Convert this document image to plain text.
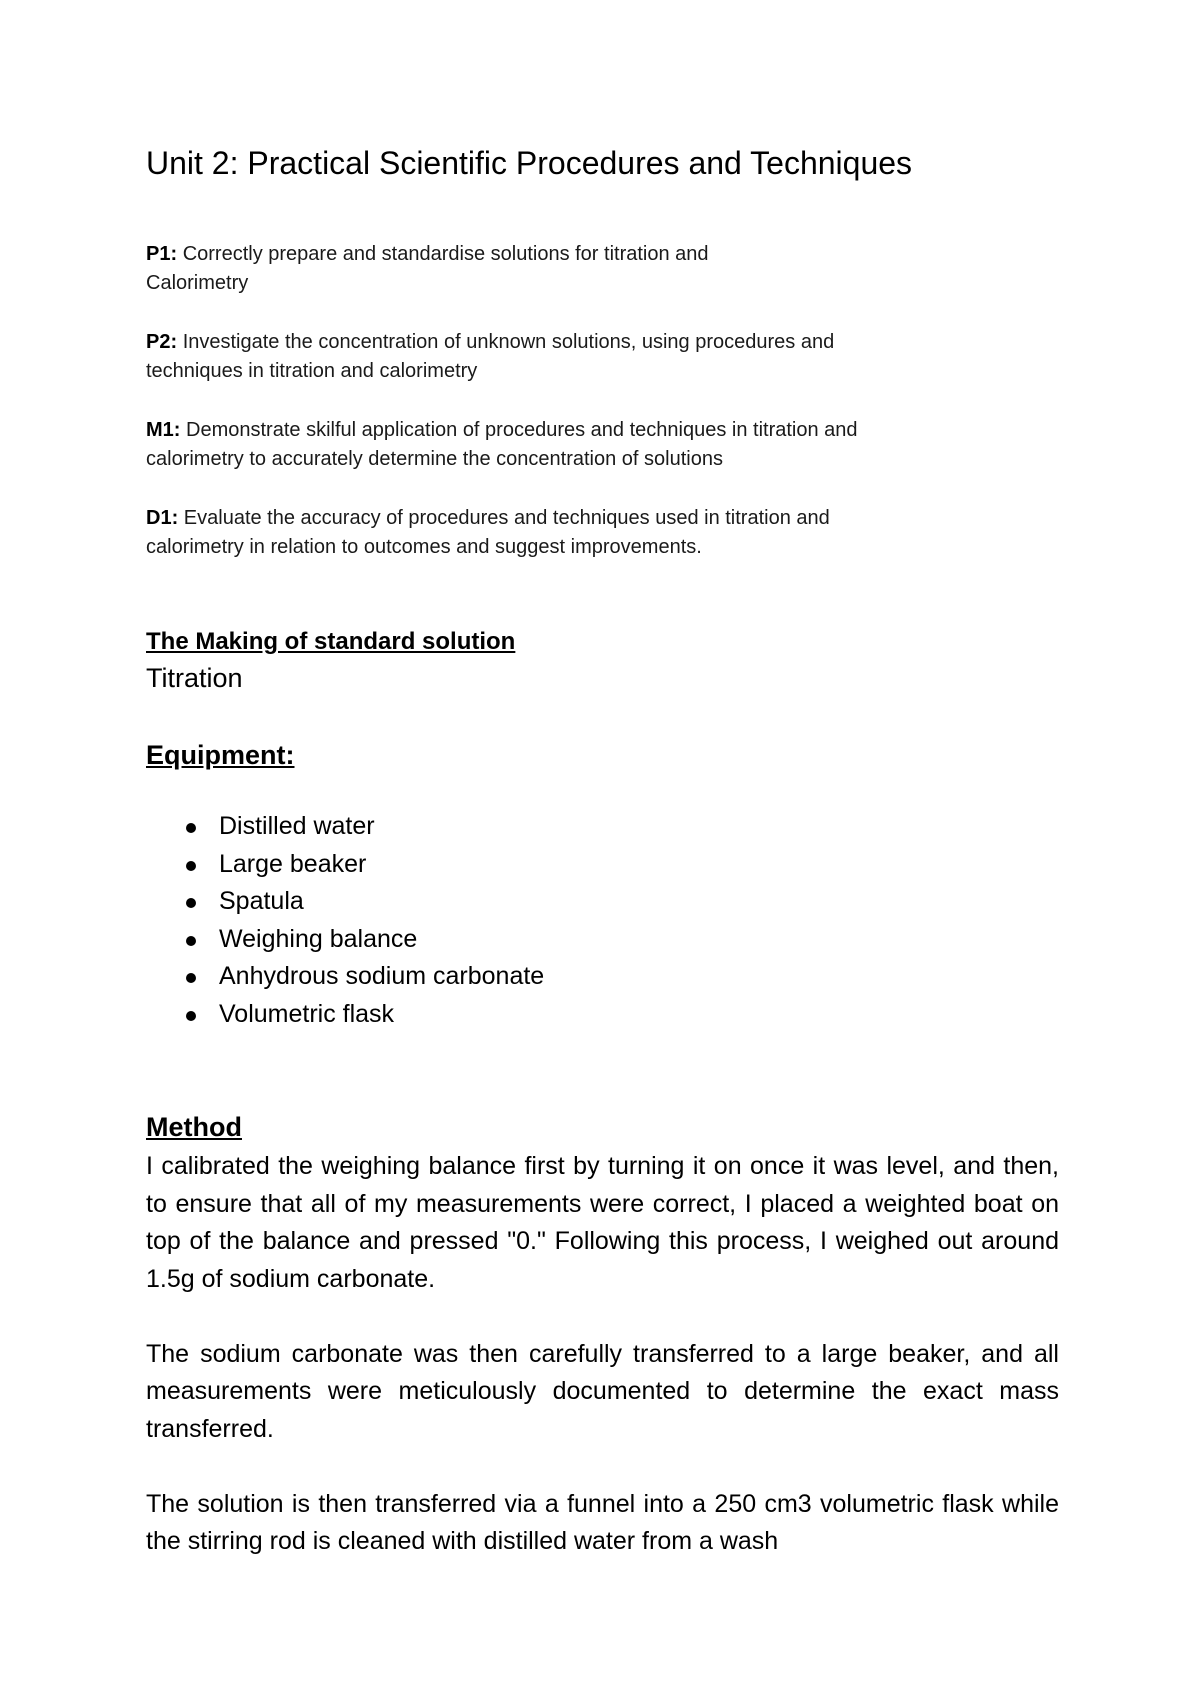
Unit 2: Practical Scientific Procedures and Techniques

P1: Correctly prepare and standardise solutions for titration and
Calorimetry

P2: Investigate the concentration of unknown solutions, using procedures and
techniques in titration and calorimetry

M1: Demonstrate skilful application of procedures and techniques in titration and
calorimetry to accurately determine the concentration of solutions

D1: Evaluate the accuracy of procedures and techniques used in titration and
calorimetry in relation to outcomes and suggest improvements.

The Making of standard solution
Titration
Equipment:
Distilled water
Large beaker
Spatula
Weighing balance
Anhydrous sodium carbonate
Volumetric flask
Method

I calibrated the weighing balance first by turning it on once it was level, and then, to ensure that all of my measurements were correct, I placed a weighted boat on top of the balance and pressed "0." Following this process, I weighed out around 1.5g of sodium carbonate.

The sodium carbonate was then carefully transferred to a large beaker, and all measurements were meticulously documented to determine the exact mass transferred.

The solution is then transferred via a funnel into a 250 cm3 volumetric flask while the stirring rod is cleaned with distilled water from a wash
